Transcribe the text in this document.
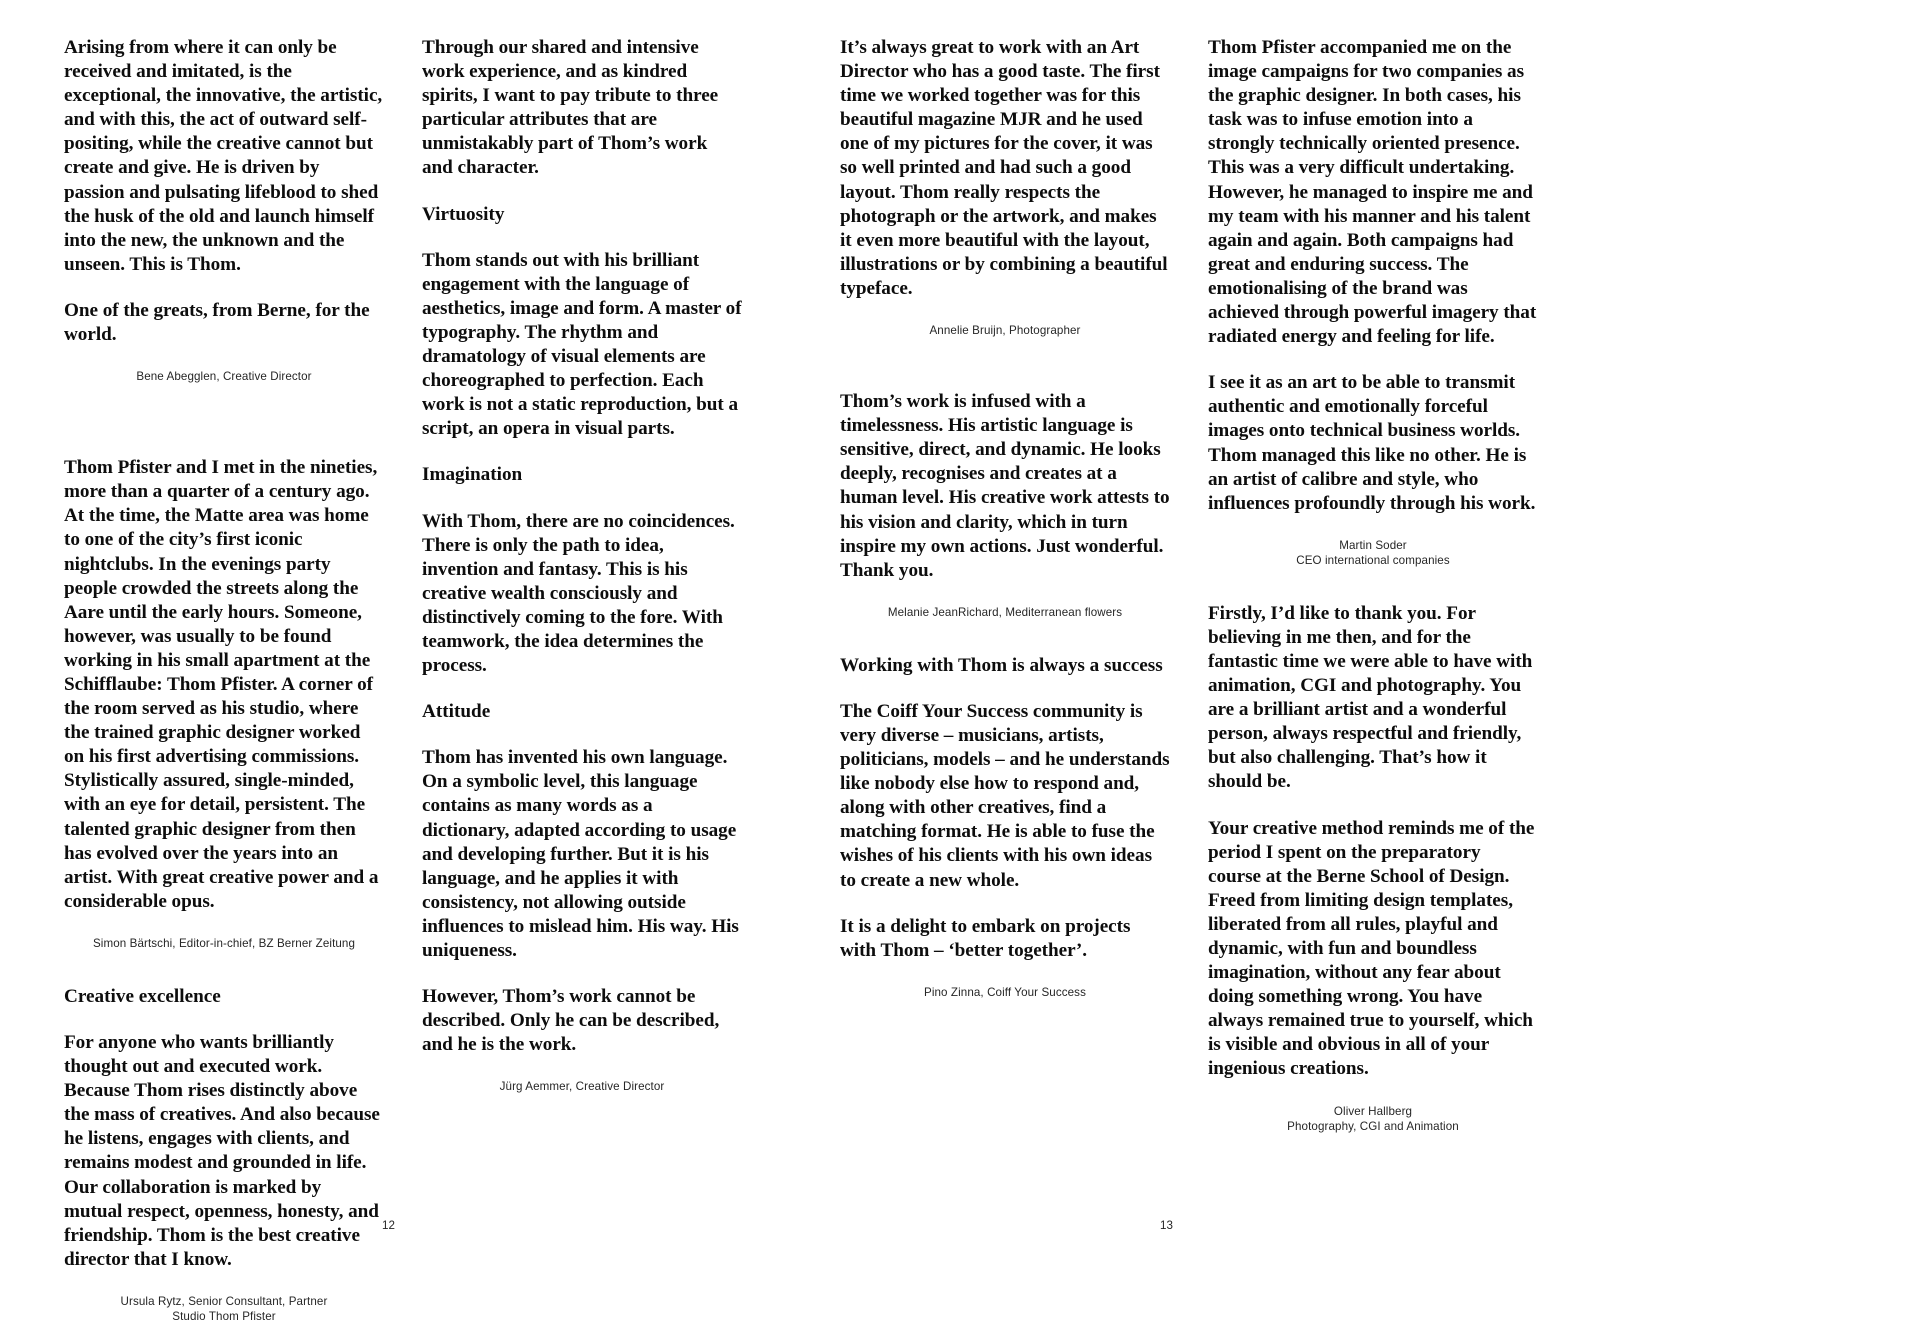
Arising from where it can only be received and imitated, is the exceptional, the innovative, the artistic, and with this, the act of outward self-positing, while the creative cannot but create and give. He is driven by passion and pulsating lifeblood to shed the husk of the old and launch himself into the new, the unknown and the unseen. This is Thom.

One of the greats, from Berne, for the world.

Bene Abegglen, Creative Director

Thom Pfister and I met in the nineties, more than a quarter of a century ago. At the time, the Matte area was home to one of the city’s first iconic nightclubs. In the evenings party people crowded the streets along the Aare until the early hours. Someone, however, was usually to be found working in his small apartment at the Schifflaube: Thom Pfister. A corner of the room served as his studio, where the trained graphic designer worked on his first advertising commissions. Stylistically assured, single-minded, with an eye for detail, persistent. The talented graphic designer from then has evolved over the years into an artist. With great creative power and a considerable opus.

Simon Bärtschi, Editor-in-chief, BZ Berner Zeitung

Creative excellence

For anyone who wants brilliantly thought out and executed work. Because Thom rises distinctly above the mass of creatives. And also because he listens, engages with clients, and remains modest and grounded in life. Our collaboration is marked by mutual respect, openness, honesty, and friendship. Thom is the best creative director that I know.

Ursula Rytz, Senior Consultant, Partner
Studio Thom Pfister

Through our shared and intensive work experience, and as kindred spirits, I want to pay tribute to three particular attributes that are unmistakably part of Thom’s work and character.

Virtuosity

Thom stands out with his brilliant engagement with the language of aesthetics, image and form. A master of typography. The rhythm and dramatology of visual elements are choreographed to perfection. Each work is not a static reproduction, but a script, an opera in visual parts.

Imagination

With Thom, there are no coincidences. There is only the path to idea, invention and fantasy. This is his creative wealth consciously and distinctively coming to the fore. With teamwork, the idea determines the process.

Attitude

Thom has invented his own language. On a symbolic level, this language contains as many words as a dictionary, adapted according to usage and developing further. But it is his language, and he applies it with consistency, not allowing outside influences to mislead him. His way. His uniqueness.

However, Thom’s work cannot be described. Only he can be described, and he is the work.

Jürg Aemmer, Creative Director

It’s always great to work with an Art Director who has a good taste. The first time we worked together was for this beautiful magazine MJR and he used one of my pictures for the cover, it was so well printed and had such a good layout. Thom really respects the photograph or the artwork, and makes it even more beautiful with the layout, illustrations or by combining a beautiful typeface.

Annelie Bruijn, Photographer

Thom’s work is infused with a timelessness. His artistic language is sensitive, direct, and dynamic. He looks deeply, recognises and creates at a human level. His creative work attests to his vision and clarity, which in turn inspire my own actions. Just wonderful. Thank you.

Melanie JeanRichard, Mediterranean flowers

Working with Thom is always a success

The Coiff Your Success community is very diverse – musicians, artists, politicians, models – and he understands like nobody else how to respond and, along with other creatives, find a matching format. He is able to fuse the wishes of his clients with his own ideas to create a new whole.

It is a delight to embark on projects with Thom – ‘better together’.

Pino Zinna, Coiff Your Success

Thom Pfister accompanied me on the image campaigns for two companies as the graphic designer. In both cases, his task was to infuse emotion into a strongly technically oriented presence. This was a very difficult undertaking. However, he managed to inspire me and my team with his manner and his talent again and again. Both campaigns had great and enduring success. The emotionalising of the brand was achieved through powerful imagery that radiated energy and feeling for life.

I see it as an art to be able to transmit authentic and emotionally forceful images onto technical business worlds. Thom managed this like no other. He is an artist of calibre and style, who influences profoundly through his work.

Martin Soder
CEO international companies

Firstly, I’d like to thank you. For believing in me then, and for the fantastic time we were able to have with animation, CGI and photography. You are a brilliant artist and a wonderful person, always respectful and friendly, but also challenging. That’s how it should be.

Your creative method reminds me of the period I spent on the preparatory course at the Berne School of Design. Freed from limiting design templates, liberated from all rules, playful and dynamic, with fun and boundless imagination, without any fear about doing something wrong. You have always remained true to yourself, which is visible and obvious in all of your ingenious creations.

Oliver Hallberg
Photography, CGI and Animation
12	13
